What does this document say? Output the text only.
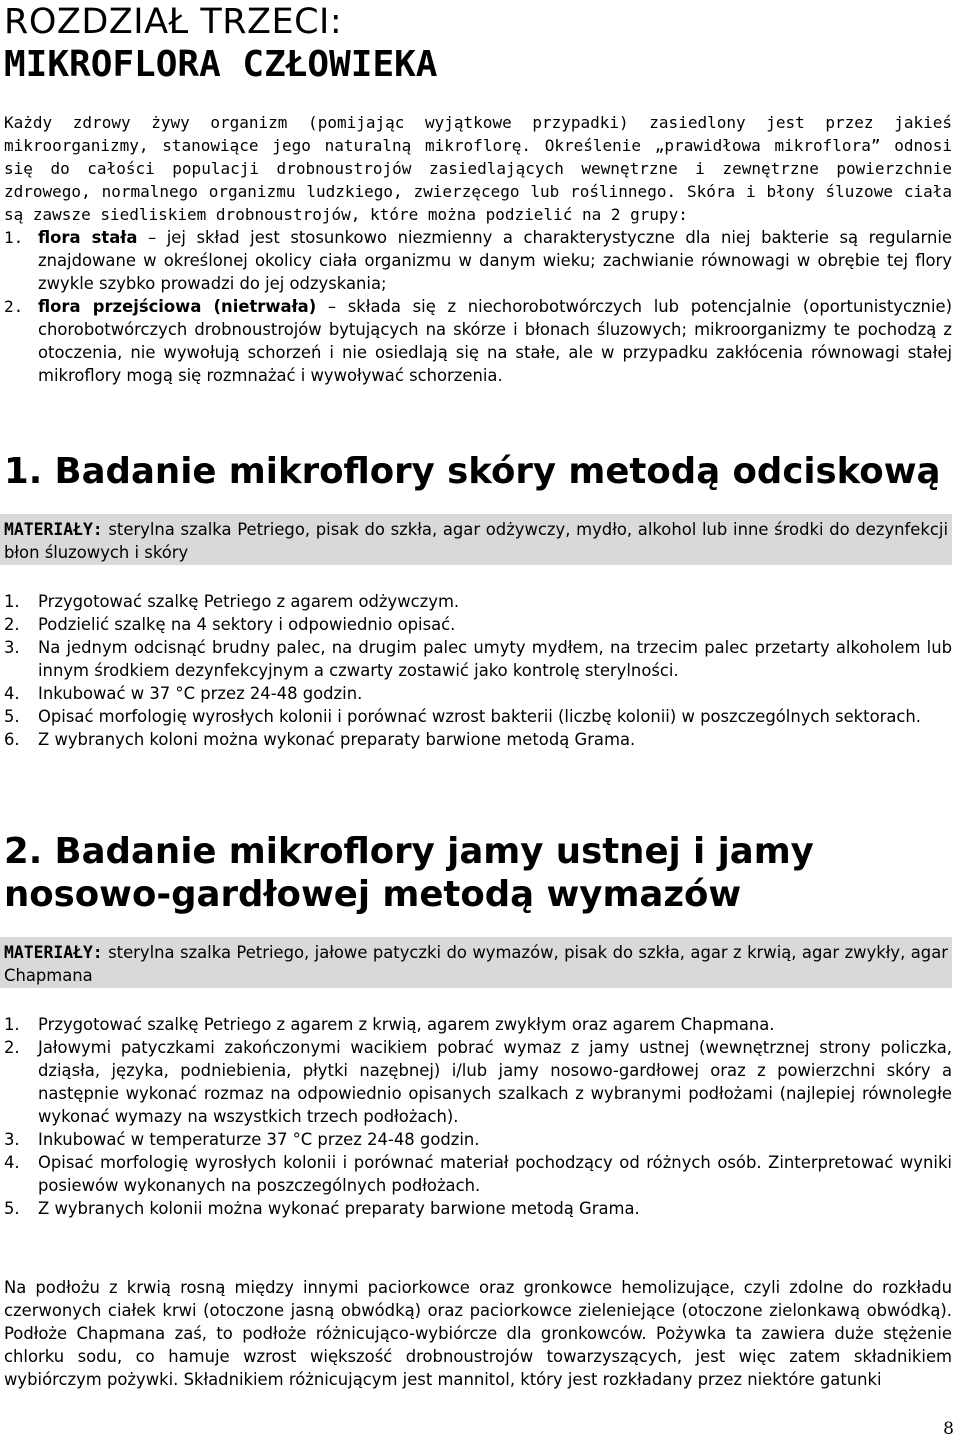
ROZDZIAŁ TRZECI:
MIKROFLORA CZŁOWIEKA

Każdy zdrowy żywy organizm (pomijając wyjątkowe przypadki) zasiedlony jest przez jakieś mikroorganizmy, stanowiące jego naturalną mikroflorę. Określenie „prawidłowa mikroflora” odnosi się do całości populacji drobnoustrojów zasiedlających wewnętrzne i zewnętrzne powierzchnie zdrowego, normalnego organizmu ludzkiego, zwierzęcego lub roślinnego. Skóra i błony śluzowe ciała są zawsze siedliskiem drobnoustrojów, które można podzielić na 2 grupy:

1. flora stała – jej skład jest stosunkowo niezmienny a charakterystyczne dla niej bakterie są regularnie znajdowane w określonej okolicy ciała organizmu w danym wieku; zachwianie równowagi w obrębie tej flory zwykle szybko prowadzi do jej odzyskania;
2. flora przejściowa (nietrwała) – składa się z niechorobotwórczych lub potencjalnie (oportunistycznie) chorobotwórczych drobnoustrojów bytujących na skórze i błonach śluzowych; mikroorganizmy te pochodzą z otoczenia, nie wywołują schorzeń i nie osiedlają się na stałe, ale w przypadku zakłócenia równowagi stałej mikroflory mogą się rozmnażać i wywoływać schorzenia.
1. Badanie mikroflory skóry metodą odciskową
MATERIAŁY: sterylna szalka Petriego, pisak do szkła, agar odżywczy, mydło, alkohol lub inne środki do dezynfekcji błon śluzowych i skóry
1. Przygotować szalkę Petriego z agarem odżywczym.
2. Podzielić szalkę na 4 sektory i odpowiednio opisać.
3. Na jednym odcisnąć brudny palec, na drugim palec umyty mydłem, na trzecim palec przetarty alkoholem lub innym środkiem dezynfekcyjnym a czwarty zostawić jako kontrolę sterylności.
4. Inkubować w 37 °C przez 24-48 godzin.
5. Opisać morfologię wyrosłych kolonii i porównać wzrost bakterii (liczbę kolonii) w poszczególnych sektorach.
6. Z wybranych koloni można wykonać preparaty barwione metodą Grama.
2. Badanie mikroflory jamy ustnej i jamy
nosowo-gardłowej metodą wymazów
MATERIAŁY: sterylna szalka Petriego, jałowe patyczki do wymazów, pisak do szkła, agar z krwią, agar zwykły, agar Chapmana
1. Przygotować szalkę Petriego z agarem z krwią, agarem zwykłym oraz agarem Chapmana.
2. Jałowymi patyczkami zakończonymi wacikiem pobrać wymaz z jamy ustnej (wewnętrznej strony policzka, dziąsła, języka, podniebienia, płytki nazębnej) i/lub jamy nosowo-gardłowej oraz z powierzchni skóry a następnie wykonać rozmaz na odpowiednio opisanych szalkach z wybranymi podłożami (najlepiej równoległe wykonać wymazy na wszystkich trzech podłożach).
3. Inkubować w temperaturze 37 °C przez 24-48 godzin.
4. Opisać morfologię wyrosłych kolonii i porównać materiał pochodzący od różnych osób. Zinterpretować wyniki posiewów wykonanych na poszczególnych podłożach.
5. Z wybranych kolonii można wykonać preparaty barwione metodą Grama.

Na podłożu z krwią rosną między innymi paciorkowce oraz gronkowce hemolizujące, czyli zdolne do rozkładu czerwonych ciałek krwi (otoczone jasną obwódką) oraz paciorkowce zieleniejące (otoczone zielonkawą obwódką). Podłoże Chapmana zaś, to podłoże różnicująco-wybiórcze dla gronkowców. Pożywka ta zawiera duże stężenie chlorku sodu, co hamuje wzrost większość drobnoustrojów towarzyszących, jest więc zatem składnikiem wybiórczym pożywki. Składnikiem różnicującym jest mannitol, który jest rozkładany przez niektóre gatunki

8
